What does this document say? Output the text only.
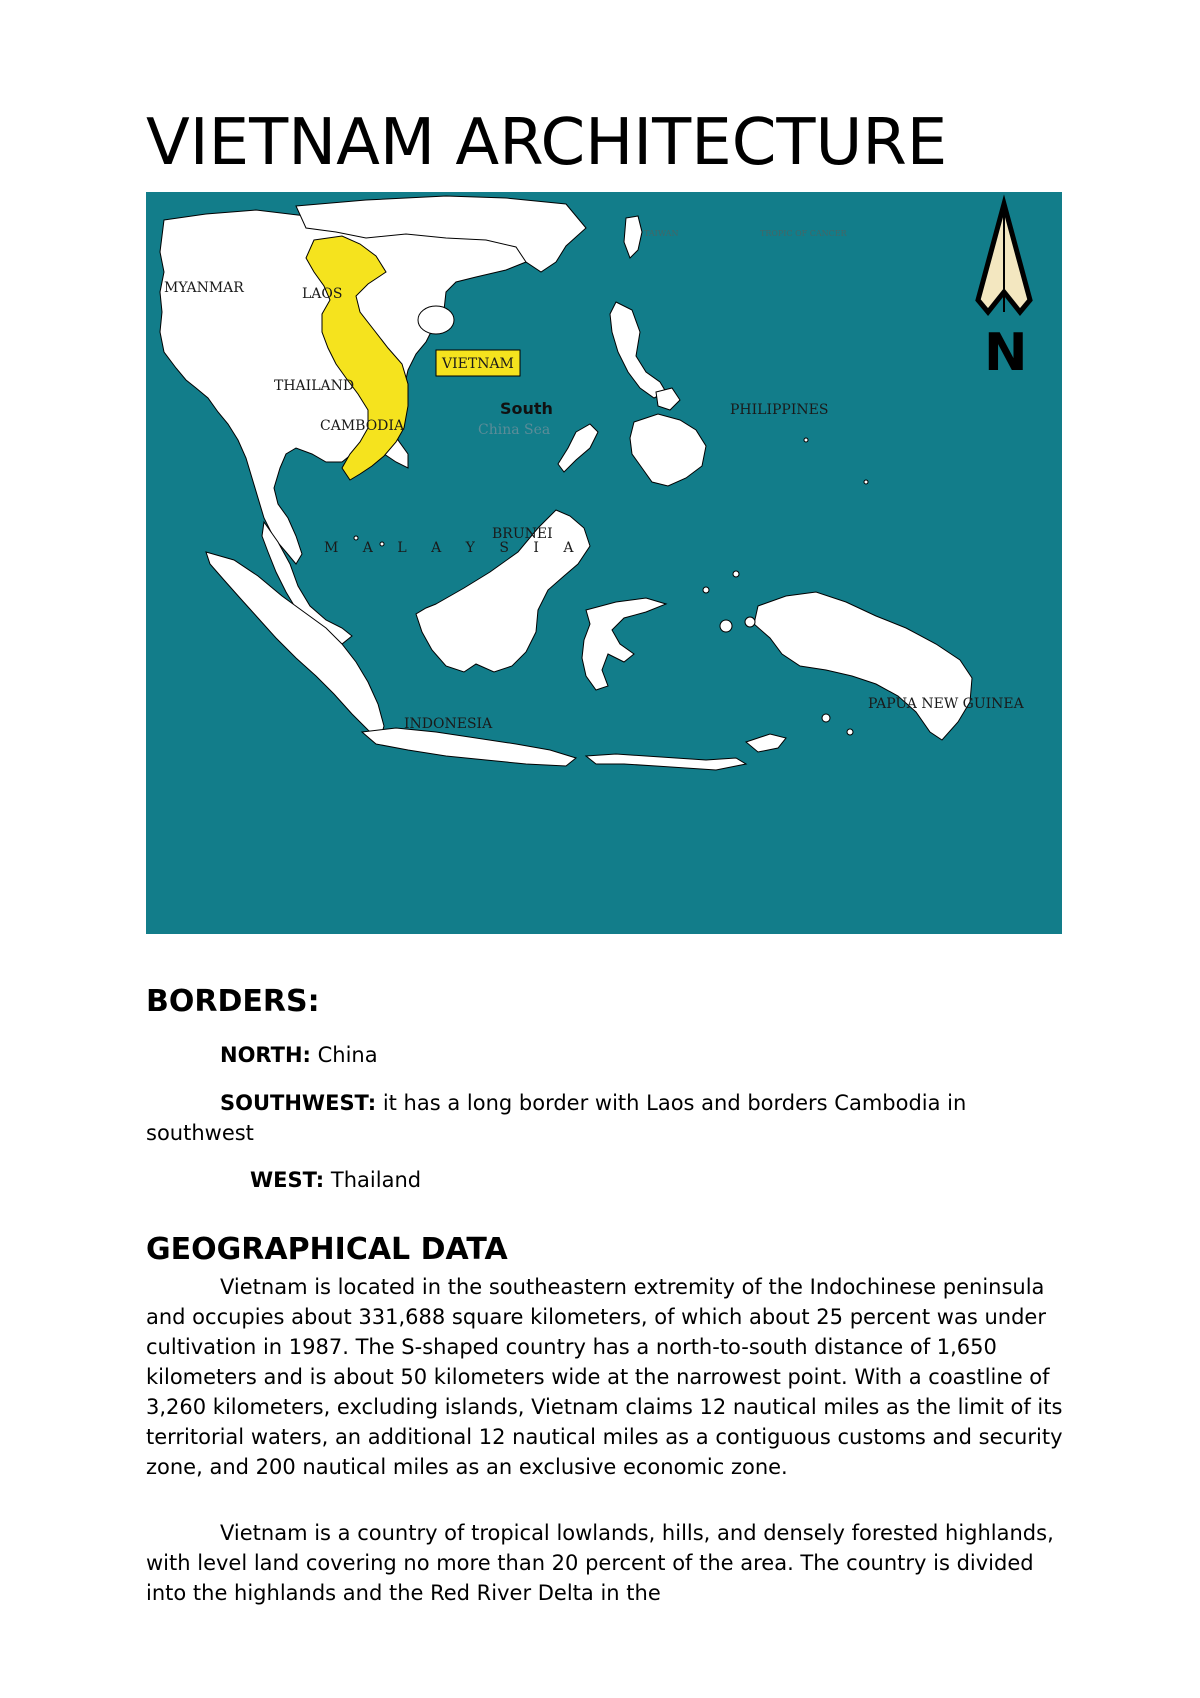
VIETNAM ARCHITECTURE
N
MYANMAR	LAOS
THAILAND
CAMBODIA
VIETNAM
South
China Sea
PHILIPPINES
BRUNEI
M A L A Y S I A
INDONESIA
PAPUA NEW GUINEA
TAIWAN	TROPIC OF CANCER
BORDERS:

NORTH: China

SOUTHWEST: it has a long border with Laos and borders Cambodia in southwest

WEST: Thailand

GEOGRAPHICAL DATA

Vietnam is located in the southeastern extremity of the Indochinese peninsula and occupies about 331,688 square kilometers, of which about 25 percent was under cultivation in 1987. The S-shaped country has a north-to-south distance of 1,650 kilometers and is about 50 kilometers wide at the narrowest point. With a coastline of 3,260 kilometers, excluding islands, Vietnam claims 12 nautical miles as the limit of its territorial waters, an additional 12 nautical miles as a contiguous customs and security zone, and 200 nautical miles as an exclusive economic zone.

Vietnam is a country of tropical lowlands, hills, and densely forested highlands, with level land covering no more than 20 percent of the area. The country is divided into the highlands and the Red River Delta in the
